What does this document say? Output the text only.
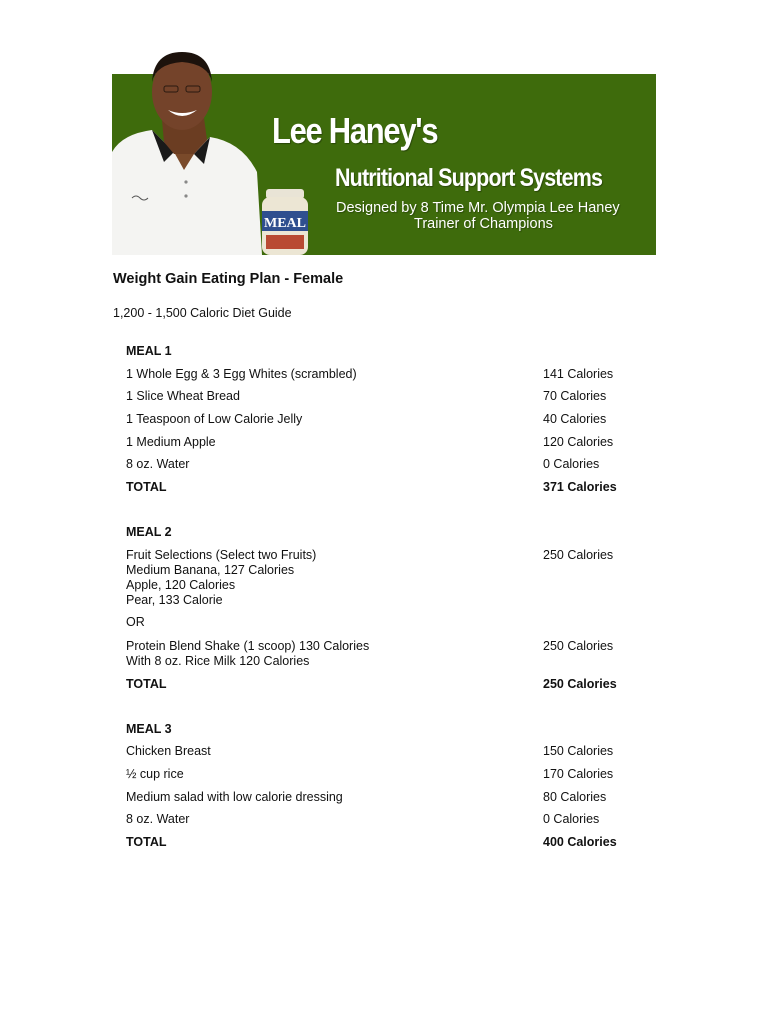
MEAL
Lee Haney's
Nutritional Support Systems
Designed by 8 Time Mr. Olympia Lee Haney
Trainer of Champions
Weight Gain Eating Plan - Female
1,200 - 1,500 Caloric Diet Guide
MEAL 1
1 Whole Egg & 3 Egg Whites (scrambled)	141 Calories
1 Slice Wheat Bread	70 Calories
1 Teaspoon of Low Calorie Jelly	40 Calories
1 Medium Apple	120 Calories
8 oz. Water	0 Calories
TOTAL	371 Calories
MEAL 2
Fruit Selections (Select two Fruits)	250 Calories
Medium Banana, 127 Calories
Apple, 120 Calories
Pear, 133 Calorie
OR
Protein Blend Shake (1 scoop) 130 Calories	250 Calories
With 8 oz. Rice Milk 120 Calories
TOTAL	250 Calories
MEAL 3
Chicken Breast	150 Calories
½ cup rice	170 Calories
Medium salad with low calorie dressing	80 Calories
8 oz. Water	0 Calories
TOTAL	400 Calories
